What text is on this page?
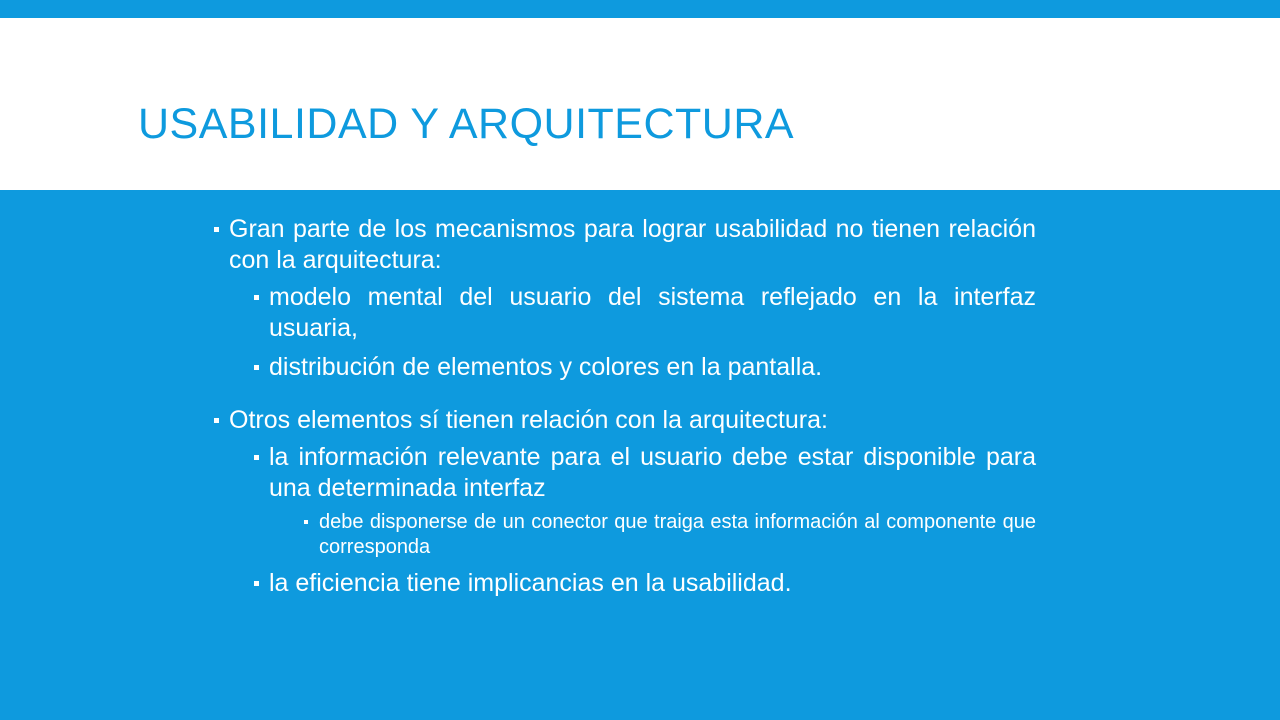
USABILIDAD Y ARQUITECTURA
Gran parte de los mecanismos para lograr usabilidad no tienen relación con la arquitectura:
modelo mental del usuario del sistema reflejado en la interfaz usuaria,
distribución de elementos y colores en la pantalla.
Otros elementos sí tienen relación con la arquitectura:
la información relevante para el usuario debe estar disponible para una determinada interfaz
debe disponerse de un conector que traiga esta información al componente que corresponda
la eficiencia tiene implicancias en la usabilidad.
